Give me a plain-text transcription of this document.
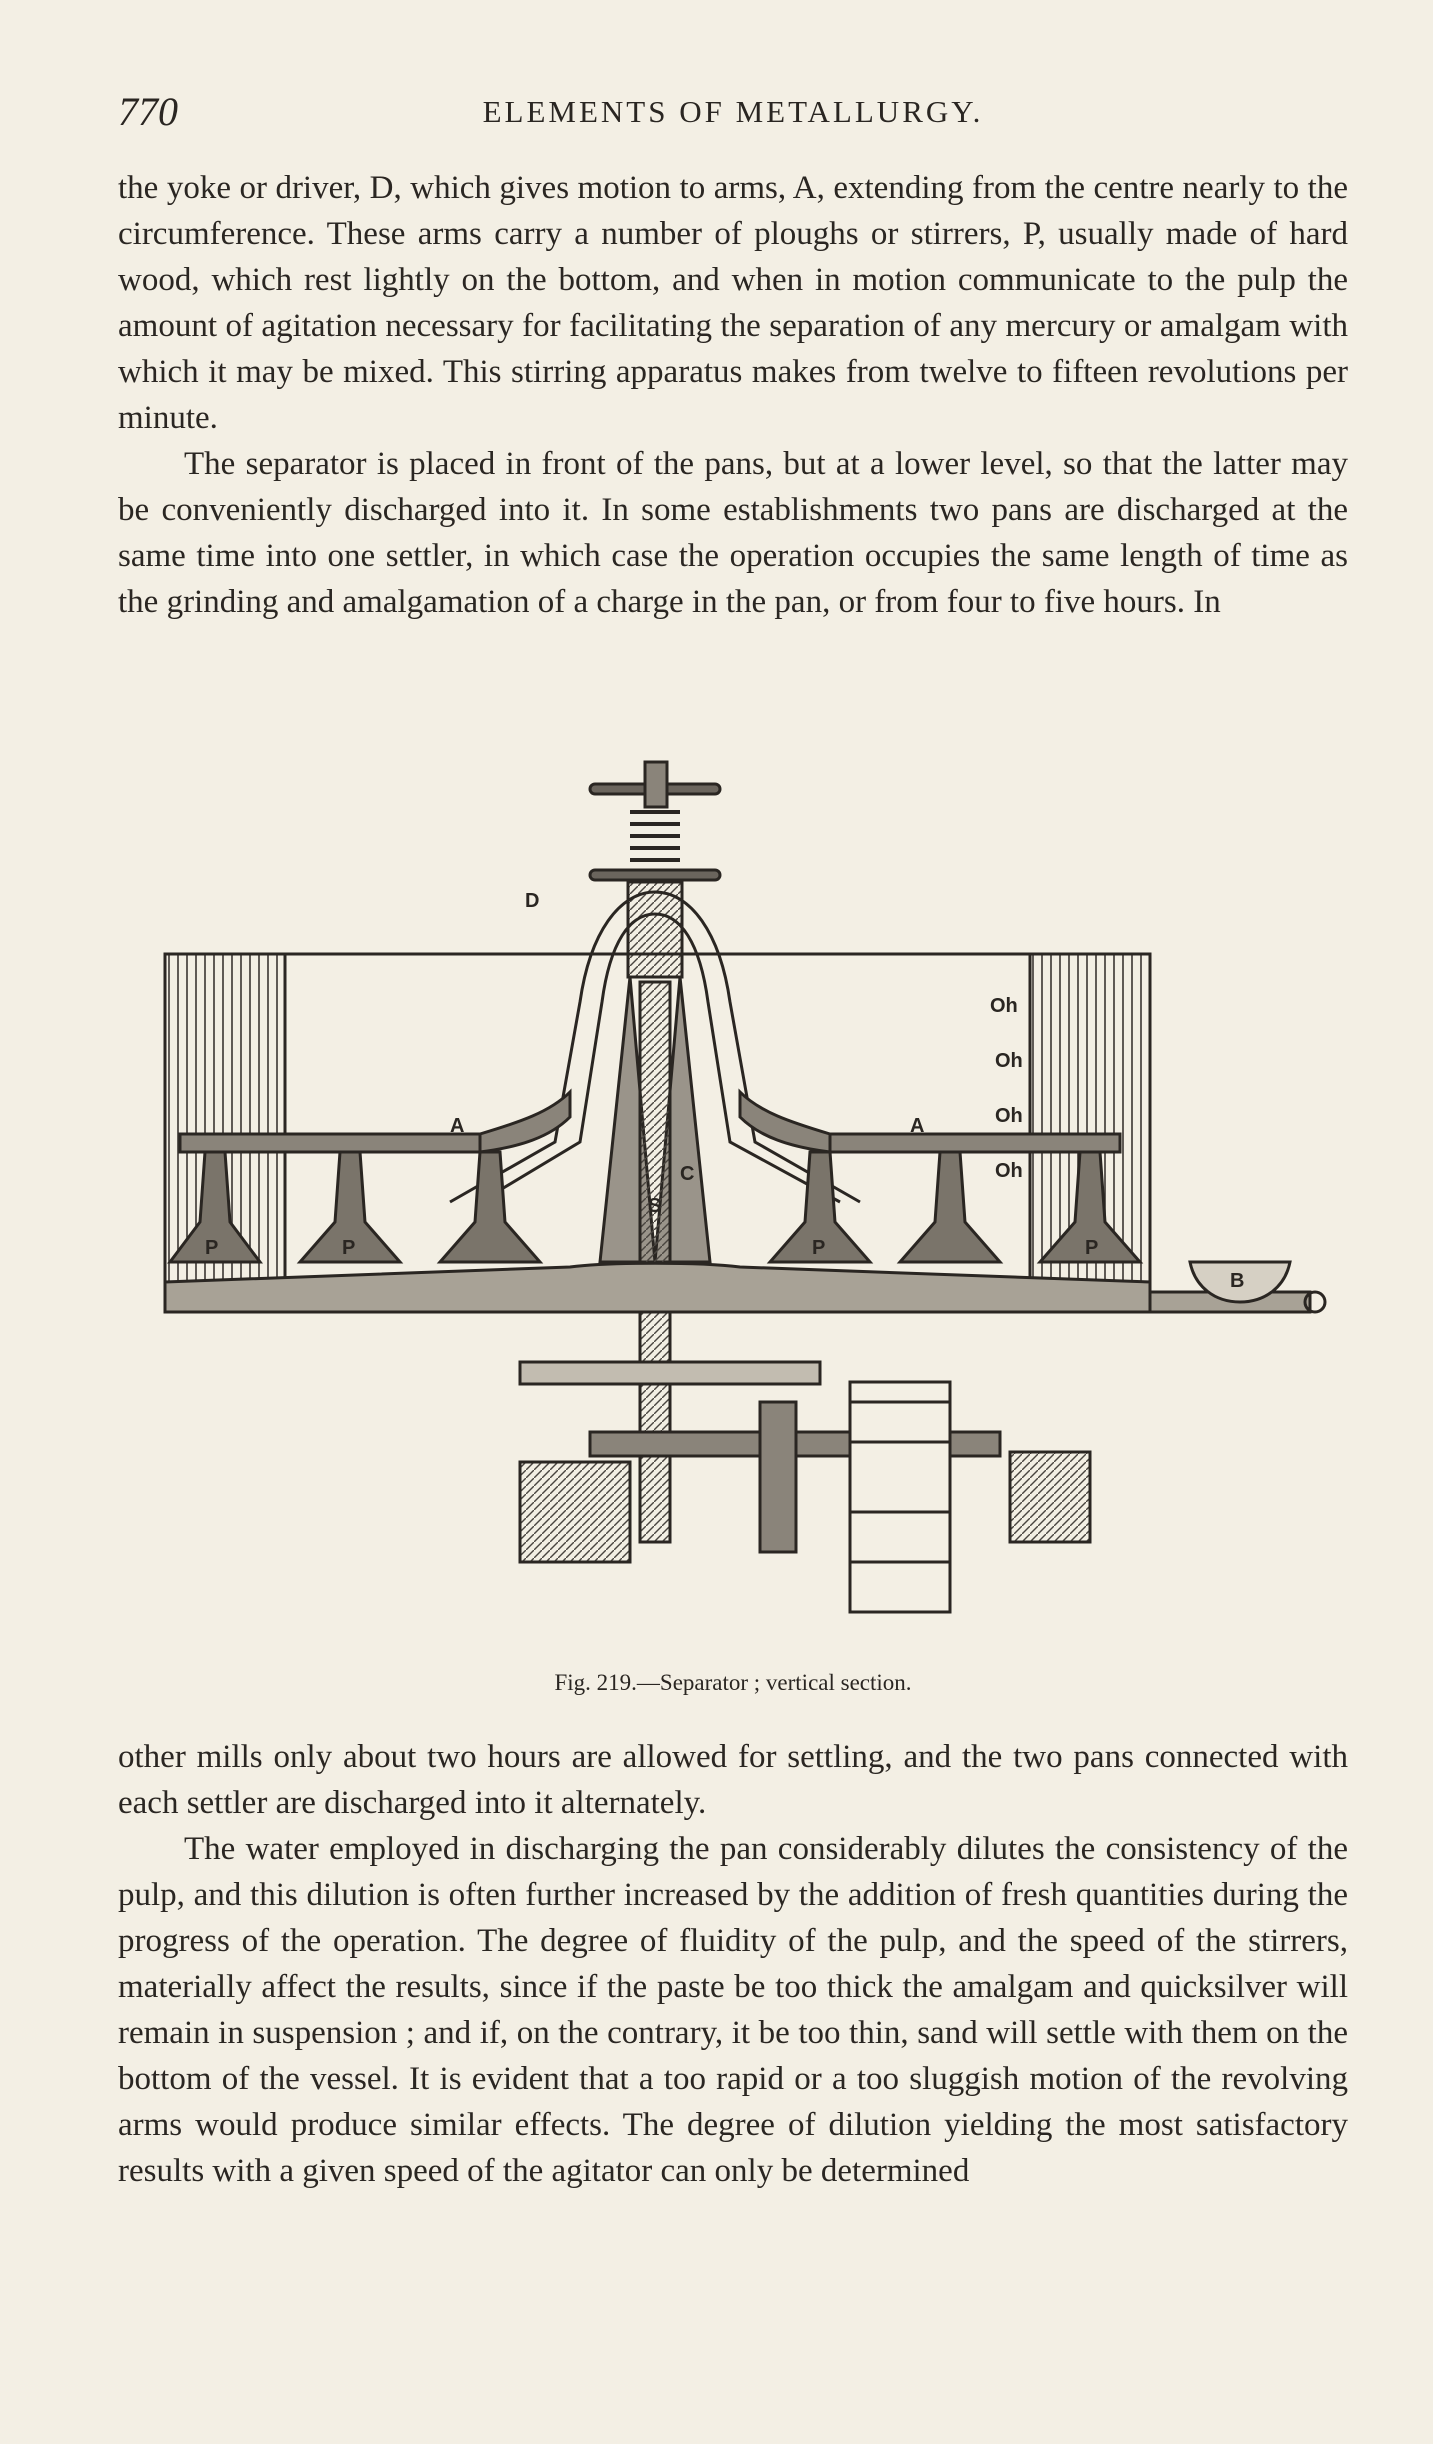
770	ELEMENTS OF METALLURGY.

the yoke or driver, D, which gives motion to arms, A, extending from the centre nearly to the circumference. These arms carry a number of ploughs or stirrers, P, usually made of hard wood, which rest lightly on the bottom, and when in motion communicate to the pulp the amount of agitation necessary for facilitating the separation of any mercury or amalgam with which it may be mixed. This stirring apparatus makes from twelve to fifteen revolutions per minute.

The separator is placed in front of the pans, but at a lower level, so that the latter may be conveniently discharged into it. In some establishments two pans are discharged at the same time into one settler, in which case the operation occupies the same length of time as the grinding and amalgamation of a charge in the pan, or from four to five hours. In

D
A	A
C
S
P	P	P	P
B
Oh
Oh
Oh
Oh
Fig. 219.—Separator ; vertical section.

other mills only about two hours are allowed for settling, and the two pans connected with each settler are discharged into it alternately.

The water employed in discharging the pan considerably dilutes the consistency of the pulp, and this dilution is often further increased by the addition of fresh quantities during the progress of the operation. The degree of fluidity of the pulp, and the speed of the stirrers, materially affect the results, since if the paste be too thick the amalgam and quicksilver will remain in suspension ; and if, on the contrary, it be too thin, sand will settle with them on the bottom of the vessel. It is evident that a too rapid or a too sluggish motion of the revolving arms would produce similar effects. The degree of dilution yielding the most satisfactory results with a given speed of the agitator can only be determined
